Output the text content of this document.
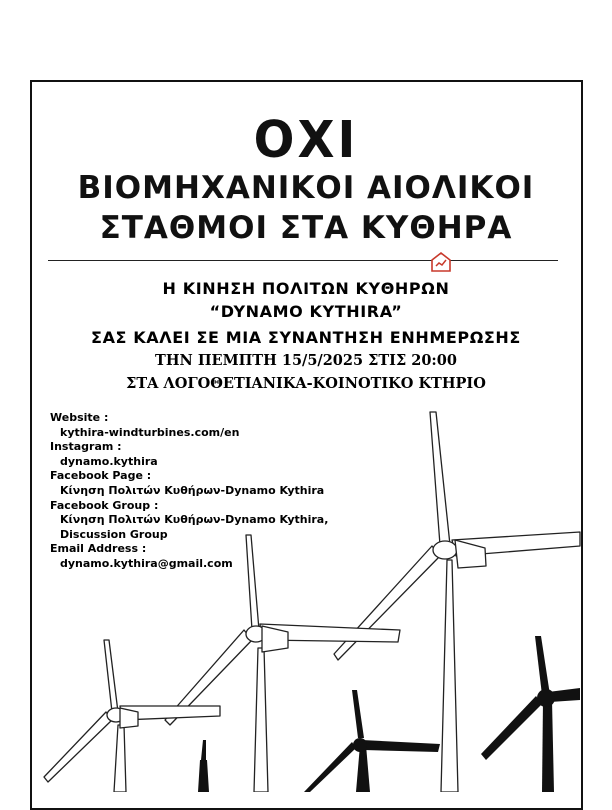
ΟΧΙ
ΒΙΟΜΗΧΑΝΙΚΟΙ ΑΙΟΛΙΚΟΙ
ΣΤΑΘΜΟΙ ΣΤΑ ΚΥΘΗΡΑ

Η ΚΙΝΗΣΗ ΠΟΛΙΤΩΝ ΚΥΘΗΡΩΝ

“DYNAMO KYTHIRA”

ΣΑΣ ΚΑΛΕΙ ΣΕ ΜΙΑ ΣΥΝΑΝΤΗΣΗ ΕΝΗΜΕΡΩΣΗΣ

ΤΗΝ ΠΕΜΠΤΗ 15/5/2025 ΣΤΙΣ 20:00
ΣΤΑ ΛΟΓΟΘΕΤΙΑΝΙΚΑ-ΚΟΙΝΟΤΙΚΟ ΚΤΗΡΙΟ
Website :
kythira-windturbines.com/en
Instagram :
dynamo.kythira
Facebook Page :
Κίνηση Πολιτών Κυθήρων-Dynamo Kythira
Facebook Group :
Κίνηση Πολιτών Κυθήρων-Dynamo Kythira,
Discussion Group
Email Address :
dynamo.kythira@gmail.com
